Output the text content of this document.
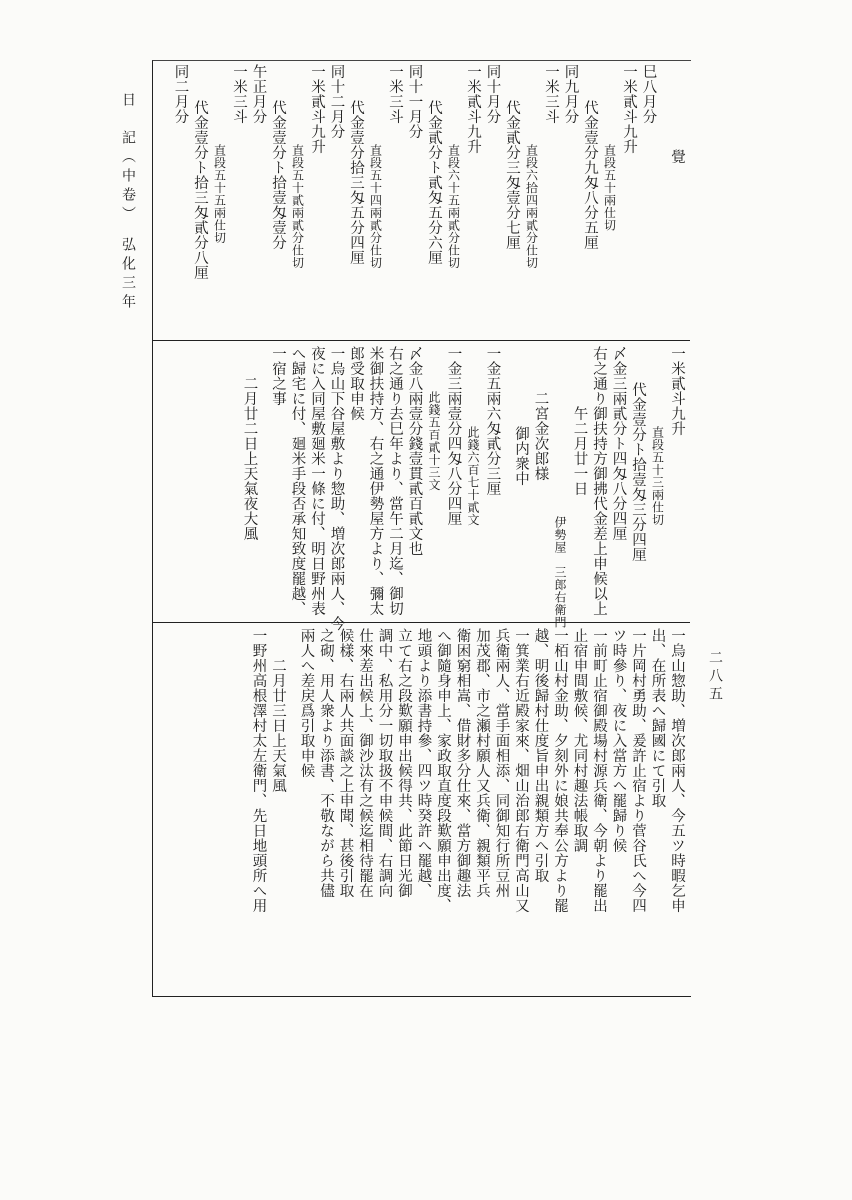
日　記（中卷）　弘化三年
二八五
覺
巳八月分
一米貳斗九升
直段五十兩仕切
代金壹分九匁八分五厘
同九月分
一米三斗
直段六拾四兩貳分仕切
代金貳分三匁壹分七厘
同十月分
一米貳斗九升
直段六十五兩貳分仕切
代金貳分ト貳匁五分六厘
同十一月分
一米三斗
直段五十四兩貳分仕切
代金壹分拾三匁五分四厘
同十二月分
一米貳斗九升
直段五十貳兩貳分仕切
代金壹分ト拾壹匁壹分
午正月分
一米三斗
直段五十五兩仕切
代金壹分ト拾三匁貳分八厘
同二月分
一米貳斗九升
直段五十三兩仕切
代金壹分ト拾壹匁三分四厘
〆金三兩貳分ト四匁八分四厘
右之通り御扶持方御拂代金差上申候以上
午二月廿一日
伊勢屋　三郎右衛門
二宮金次郎様
御内衆中
一金五兩六匁貳分三厘
此錢六百七十貳文
一金三兩壹分四匁八分四厘
此錢五百貳十三文
〆金八兩壹分錢壹貫貳百貳文也
右之通り去巳年より、當午二月迄、御切
米御扶持方、右之通伊勢屋方より、彌太
郎受取申候
一烏山下谷屋敷より惣助、増次郎兩人、今
夜に入同屋敷廻米一條に付、明日野州表
へ歸宅に付、廻米手段否承知致度罷越、
一宿之事
二月廿二日上天氣夜大風
一烏山惣助、増次郎兩人、今五ツ時暇乞申
出、在所表へ歸國にて引取
一片岡村勇助、爰許止宿より菅谷氏へ今四
ツ時參り、夜に入當方へ罷歸り候
一前町止宿御殿場村源兵衛、今朝より罷出
止宿申間敷候、尤同村趣法帳取調
一栢山村金助、夕刻外に娘共奉公方より罷
越、明後歸村仕度旨申出親類方へ引取
一箕業右近殿家來、畑山治郎右衛門高山又
兵衛兩人、當手面相添、同御知行所豆州
加茂郡、市之瀬村願人又兵衛、親類平兵
衛困窮相嵩、借財多分仕來、當方御趣法
へ御隨身申上、家政取直度段歎願申出度、
地頭より添書持參、四ツ時癸許へ罷越、
立て右之段歎願申出候得共、此節日光御
調中、私用分一切取扱不申候間、右調向
仕來差出候上、御沙汰有之候迄相待罷在
候樣、右兩人共面談之上申聞、甚後引取
之砌、用人衆より添書、不敬ながら共儘
兩人へ差戻爲引取申候
二月廿三日上天氣風
一野州高根澤村太左衛門、先日地頭所へ用
